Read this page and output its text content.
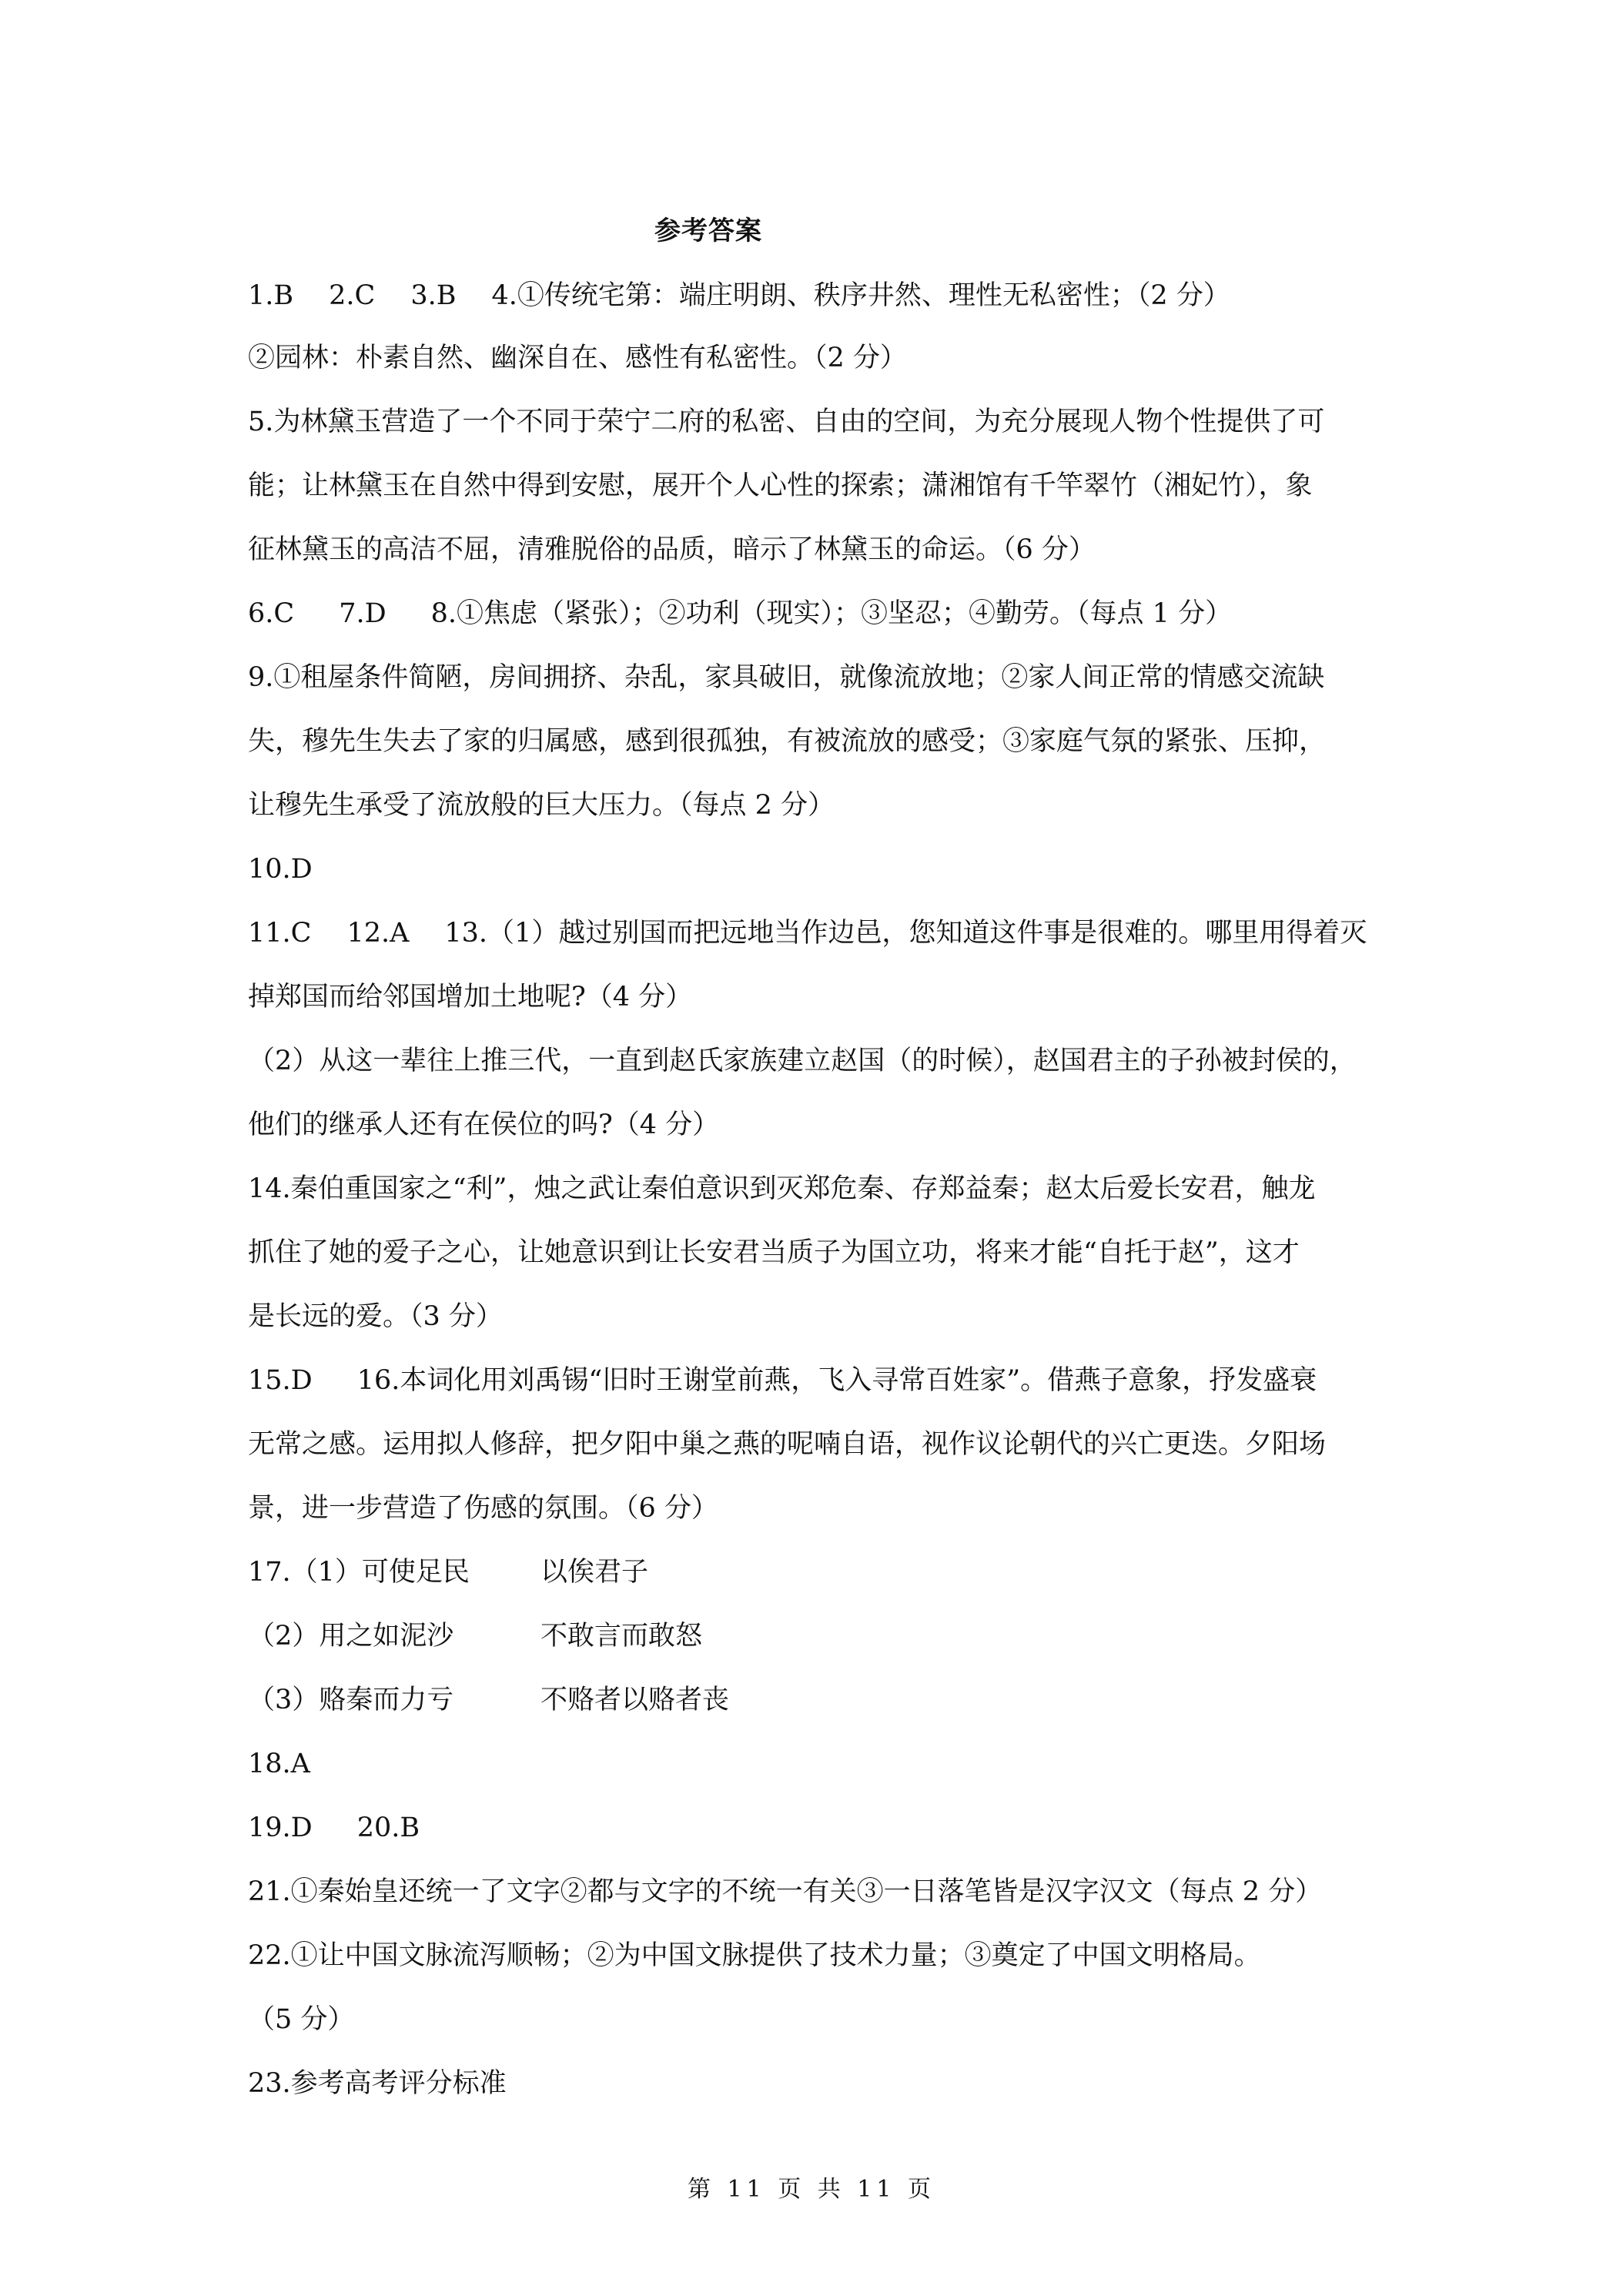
参考答案
1.B 2.C 3.B 4.①传统宅第：端庄明朗、秩序井然、理性无私密性；（2 分）
②园林：朴素自然、幽深自在、感性有私密性。（2 分）
5.为林黛玉营造了一个不同于荣宁二府的私密、自由的空间，为充分展现人物个性提供了可
能；让林黛玉在自然中得到安慰，展开个人心性的探索；潇湘馆有千竿翠竹（湘妃竹），象
征林黛玉的高洁不屈，清雅脱俗的品质，暗示了林黛玉的命运。（6 分）
6.C 7.D 8.①焦虑（紧张）；②功利（现实）；③坚忍；④勤劳。（每点 1 分）
9.①租屋条件简陋，房间拥挤、杂乱，家具破旧，就像流放地；②家人间正常的情感交流缺
失，穆先生失去了家的归属感，感到很孤独，有被流放的感受；③家庭气氛的紧张、压抑，
让穆先生承受了流放般的巨大压力。（每点 2 分）
10.D
11.C 12.A 13.（1）越过别国而把远地当作边邑，您知道这件事是很难的。哪里用得着灭
掉郑国而给邻国增加土地呢?（4 分）
（2）从这一辈往上推三代，一直到赵氏家族建立赵国（的时候），赵国君主的子孙被封侯的，
他们的继承人还有在侯位的吗?（4 分）
14.秦伯重国家之“利”，烛之武让秦伯意识到灭郑危秦、存郑益秦；赵太后爱长安君，触龙
抓住了她的爱子之心，让她意识到让长安君当质子为国立功，将来才能“自托于赵”，这才
是长远的爱。（3 分）
15.D 16.本词化用刘禹锡“旧时王谢堂前燕，飞入寻常百姓家”。借燕子意象，抒发盛衰
无常之感。运用拟人修辞，把夕阳中巢之燕的呢喃自语，视作议论朝代的兴亡更迭。夕阳场
景，进一步营造了伤感的氛围。（6 分）
17.（1）可使足民	以俟君子
（2）用之如泥沙	不敢言而敢怒
（3）赂秦而力亏	不赂者以赂者丧
18.A
19.D 20.B
21.①秦始皇还统一了文字②都与文字的不统一有关③一日落笔皆是汉字汉文（每点 2 分）
22.①让中国文脉流泻顺畅；②为中国文脉提供了技术力量；③奠定了中国文明格局。
（5 分）
23.参考高考评分标准
第 11 页 共 11 页
